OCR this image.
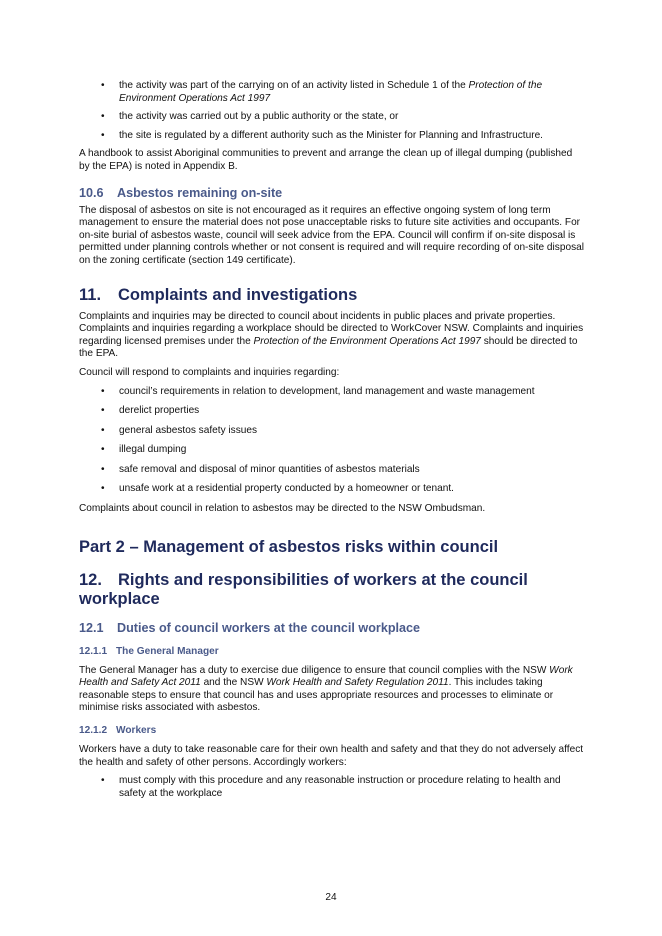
• the activity was part of the carrying on of an activity listed in Schedule 1 of the Protection of the Environment Operations Act 1997
• the activity was carried out by a public authority or the state, or
• the site is regulated by a different authority such as the Minister for Planning and Infrastructure.

A handbook to assist Aboriginal communities to prevent and arrange the clean up of illegal dumping (published by the EPA) is noted in Appendix B.

10.6 Asbestos remaining on-site

The disposal of asbestos on site is not encouraged as it requires an effective ongoing system of long term management to ensure the material does not pose unacceptable risks to future site activities and occupants. For on-site burial of asbestos waste, council will seek advice from the EPA. Council will confirm if on-site disposal is permitted under planning controls whether or not consent is required and will require recording of on-site disposal on the zoning certificate (section 149 certificate).

11. Complaints and investigations

Complaints and inquiries may be directed to council about incidents in public places and private properties. Complaints and inquiries regarding a workplace should be directed to WorkCover NSW. Complaints and inquiries regarding licensed premises under the Protection of the Environment Operations Act 1997 should be directed to the EPA.

Council will respond to complaints and inquiries regarding:

• council’s requirements in relation to development, land management and waste management
• derelict properties
• general asbestos safety issues
• illegal dumping
• safe removal and disposal of minor quantities of asbestos materials
• unsafe work at a residential property conducted by a homeowner or tenant.

Complaints about council in relation to asbestos may be directed to the NSW Ombudsman.

Part 2 – Management of asbestos risks within council
12. Rights and responsibilities of workers at the council workplace
12.1 Duties of council workers at the council workplace
12.1.1 The General Manager

The General Manager has a duty to exercise due diligence to ensure that council complies with the NSW Work Health and Safety Act 2011 and the NSW Work Health and Safety Regulation 2011. This includes taking reasonable steps to ensure that council has and uses appropriate resources and processes to eliminate or minimise risks associated with asbestos.

12.1.2 Workers

Workers have a duty to take reasonable care for their own health and safety and that they do not adversely affect the health and safety of other persons. Accordingly workers:

• must comply with this procedure and any reasonable instruction or procedure relating to health and safety at the workplace
24
